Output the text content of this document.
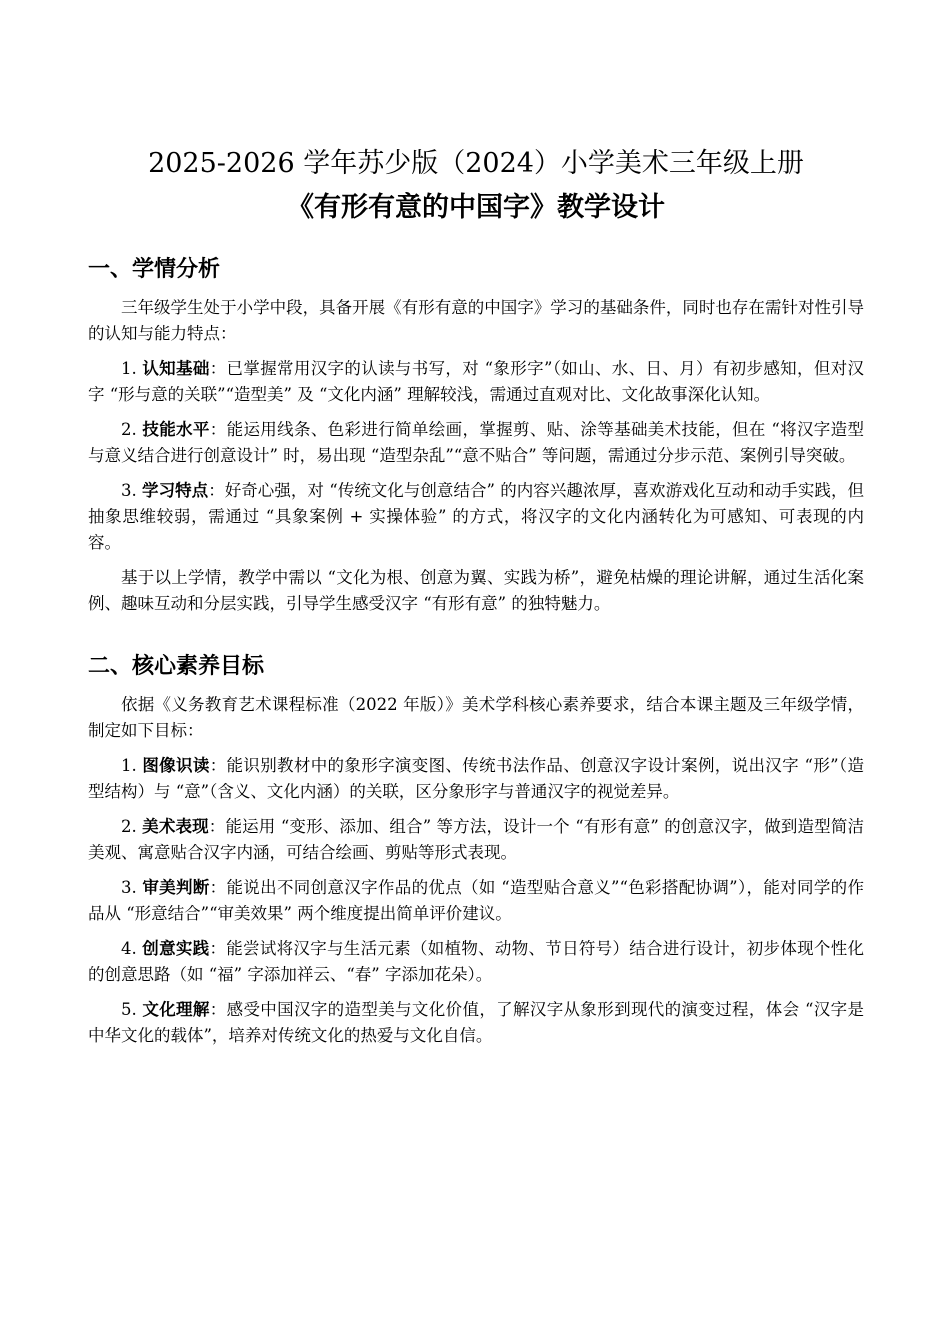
2025-2026 学年苏少版（2024）小学美术三年级上册
《有形有意的中国字》教学设计
一、学情分析

三年级学生处于小学中段，具备开展《有形有意的中国字》学习的基础条件，同时也存在需针对性引导的认知与能力特点：

1. 认知基础：已掌握常用汉字的认读与书写，对 “象形字”（如山、水、日、月）有初步感知，但对汉字 “形与意的关联”“造型美” 及 “文化内涵” 理解较浅，需通过直观对比、文化故事深化认知。

2. 技能水平：能运用线条、色彩进行简单绘画，掌握剪、贴、涂等基础美术技能，但在 “将汉字造型与意义结合进行创意设计” 时，易出现 “造型杂乱”“意不贴合” 等问题，需通过分步示范、案例引导突破。

3. 学习特点：好奇心强，对 “传统文化与创意结合” 的内容兴趣浓厚，喜欢游戏化互动和动手实践，但抽象思维较弱，需通过 “具象案例 + 实操体验” 的方式，将汉字的文化内涵转化为可感知、可表现的内容。

基于以上学情，教学中需以 “文化为根、创意为翼、实践为桥”，避免枯燥的理论讲解，通过生活化案例、趣味互动和分层实践，引导学生感受汉字 “有形有意” 的独特魅力。

二、核心素养目标

依据《义务教育艺术课程标准（2022 年版）》美术学科核心素养要求，结合本课主题及三年级学情，制定如下目标：

1. 图像识读：能识别教材中的象形字演变图、传统书法作品、创意汉字设计案例，说出汉字 “形”（造型结构）与 “意”（含义、文化内涵）的关联，区分象形字与普通汉字的视觉差异。

2. 美术表现：能运用 “变形、添加、组合” 等方法，设计一个 “有形有意” 的创意汉字，做到造型简洁美观、寓意贴合汉字内涵，可结合绘画、剪贴等形式表现。

3. 审美判断：能说出不同创意汉字作品的优点（如 “造型贴合意义”“色彩搭配协调”），能对同学的作品从 “形意结合”“审美效果” 两个维度提出简单评价建议。

4. 创意实践：能尝试将汉字与生活元素（如植物、动物、节日符号）结合进行设计，初步体现个性化的创意思路（如 “福” 字添加祥云、“春” 字添加花朵）。

5. 文化理解：感受中国汉字的造型美与文化价值，了解汉字从象形到现代的演变过程，体会 “汉字是中华文化的载体”，培养对传统文化的热爱与文化自信。
